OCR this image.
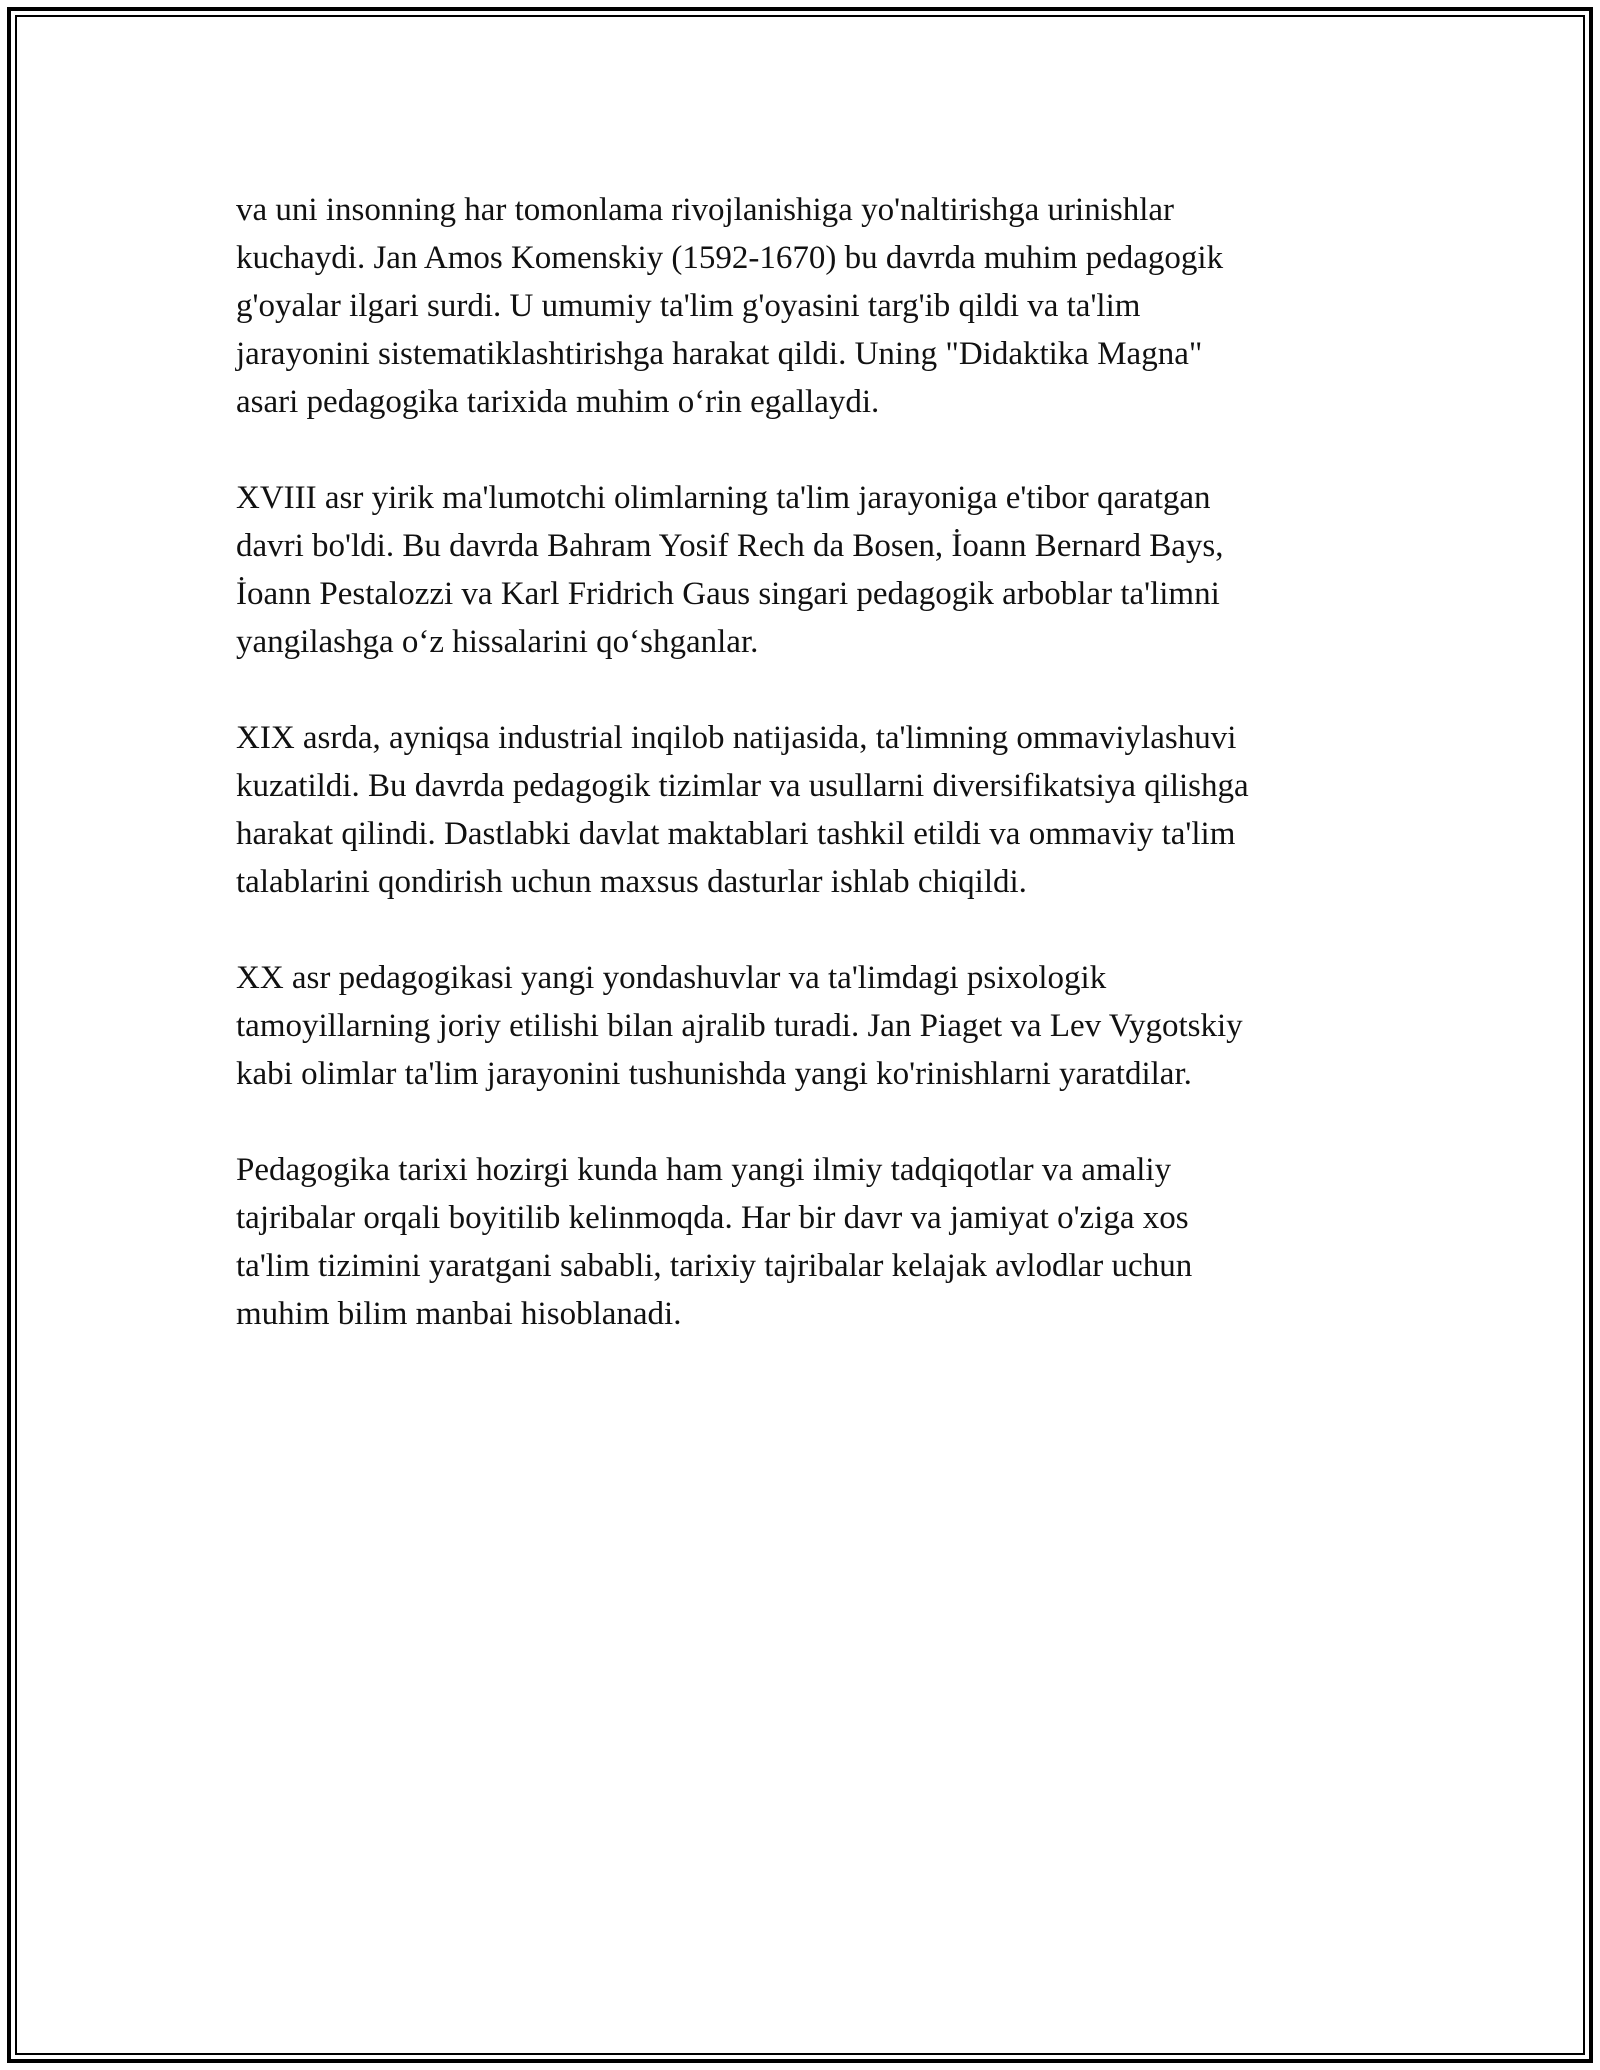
va uni insonning har tomonlama rivojlanishiga yo'naltirishga urinishlar
kuchaydi. Jan Amos Komenskiy (1592-1670) bu davrda muhim pedagogik
g'oyalar ilgari surdi. U umumiy ta'lim g'oyasini targ'ib qildi va ta'lim
jarayonini sistematiklashtirishga harakat qildi. Uning "Didaktika Magna"
asari pedagogika tarixida muhim o‘rin egallaydi.

XVIII asr yirik ma'lumotchi olimlarning ta'lim jarayoniga e'tibor qaratgan
davri bo'ldi. Bu davrda Bahram Yosif Rech da Bosen, İoann Bernard Bays,
İoann Pestalozzi va Karl Fridrich Gaus singari pedagogik arboblar ta'limni
yangilashga o‘z hissalarini qo‘shganlar.

XIX asrda, ayniqsa industrial inqilob natijasida, ta'limning ommaviylashuvi
kuzatildi. Bu davrda pedagogik tizimlar va usullarni diversifikatsiya qilishga
harakat qilindi. Dastlabki davlat maktablari tashkil etildi va ommaviy ta'lim
talablarini qondirish uchun maxsus dasturlar ishlab chiqildi.

XX asr pedagogikasi yangi yondashuvlar va ta'limdagi psixologik
tamoyillarning joriy etilishi bilan ajralib turadi. Jan Piaget va Lev Vygotskiy
kabi olimlar ta'lim jarayonini tushunishda yangi ko'rinishlarni yaratdilar.

Pedagogika tarixi hozirgi kunda ham yangi ilmiy tadqiqotlar va amaliy
tajribalar orqali boyitilib kelinmoqda. Har bir davr va jamiyat o'ziga xos
ta'lim tizimini yaratgani sababli, tarixiy tajribalar kelajak avlodlar uchun
muhim bilim manbai hisoblanadi.
